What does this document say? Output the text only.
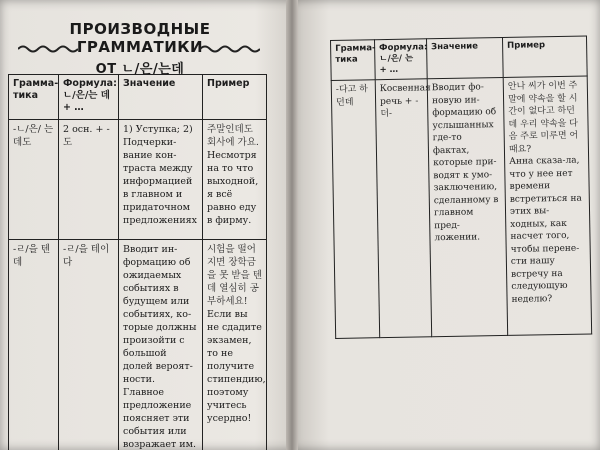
ПРОИЗВОДНЫЕ ГРАММАТИКИ
ОТ ㄴ/은/는데
Грамма-тика	Формула: ㄴ/은/는 데 + …	Значение	Пример
-ㄴ/은/ 는데도	2 осн. + -도	1) Уступка; 2) Подчерки-вание кон-траста между информацией в главном и придаточном предложениях	주말인데도 회사에 가요.
Несмотря на то что выходной, я всё равно еду в фирму.

-ㄹ/을 텐데	-ㄹ/을 테이다	Вводит ин-формацию об ожидаемых событиях в будущем или событиях, ко-торые должны произойти с большой долей вероят-ности. Главное предложение поясняет эти события или возражает им.	시험을 떨어지면 장학금을 못 받을 텐데 열심히 공부하세요!
Если вы не сдадите экзамен, то не получите стипендию, поэтому учитесь усердно!
Грамма-тика	Формула: ㄴ/은/ 는 + …	Значение	Пример
-다고 하던데	Косвенная речь + -더-	Вводит фо-новую ин-формацию об услышанных где-то фактах, которые при-водят к умо-заключению, сделанному в главном пред-ложении.	안나 씨가 이번 주말에 약속을 할 시간이 없다고 하던데 우리 약속을 다음 주로 미루면 어때요?
Анна сказа-ла, что у нее нет времени встретиться на этих вы-ходных, как насчет того, чтобы перене-сти нашу встречу на следующую неделю?
